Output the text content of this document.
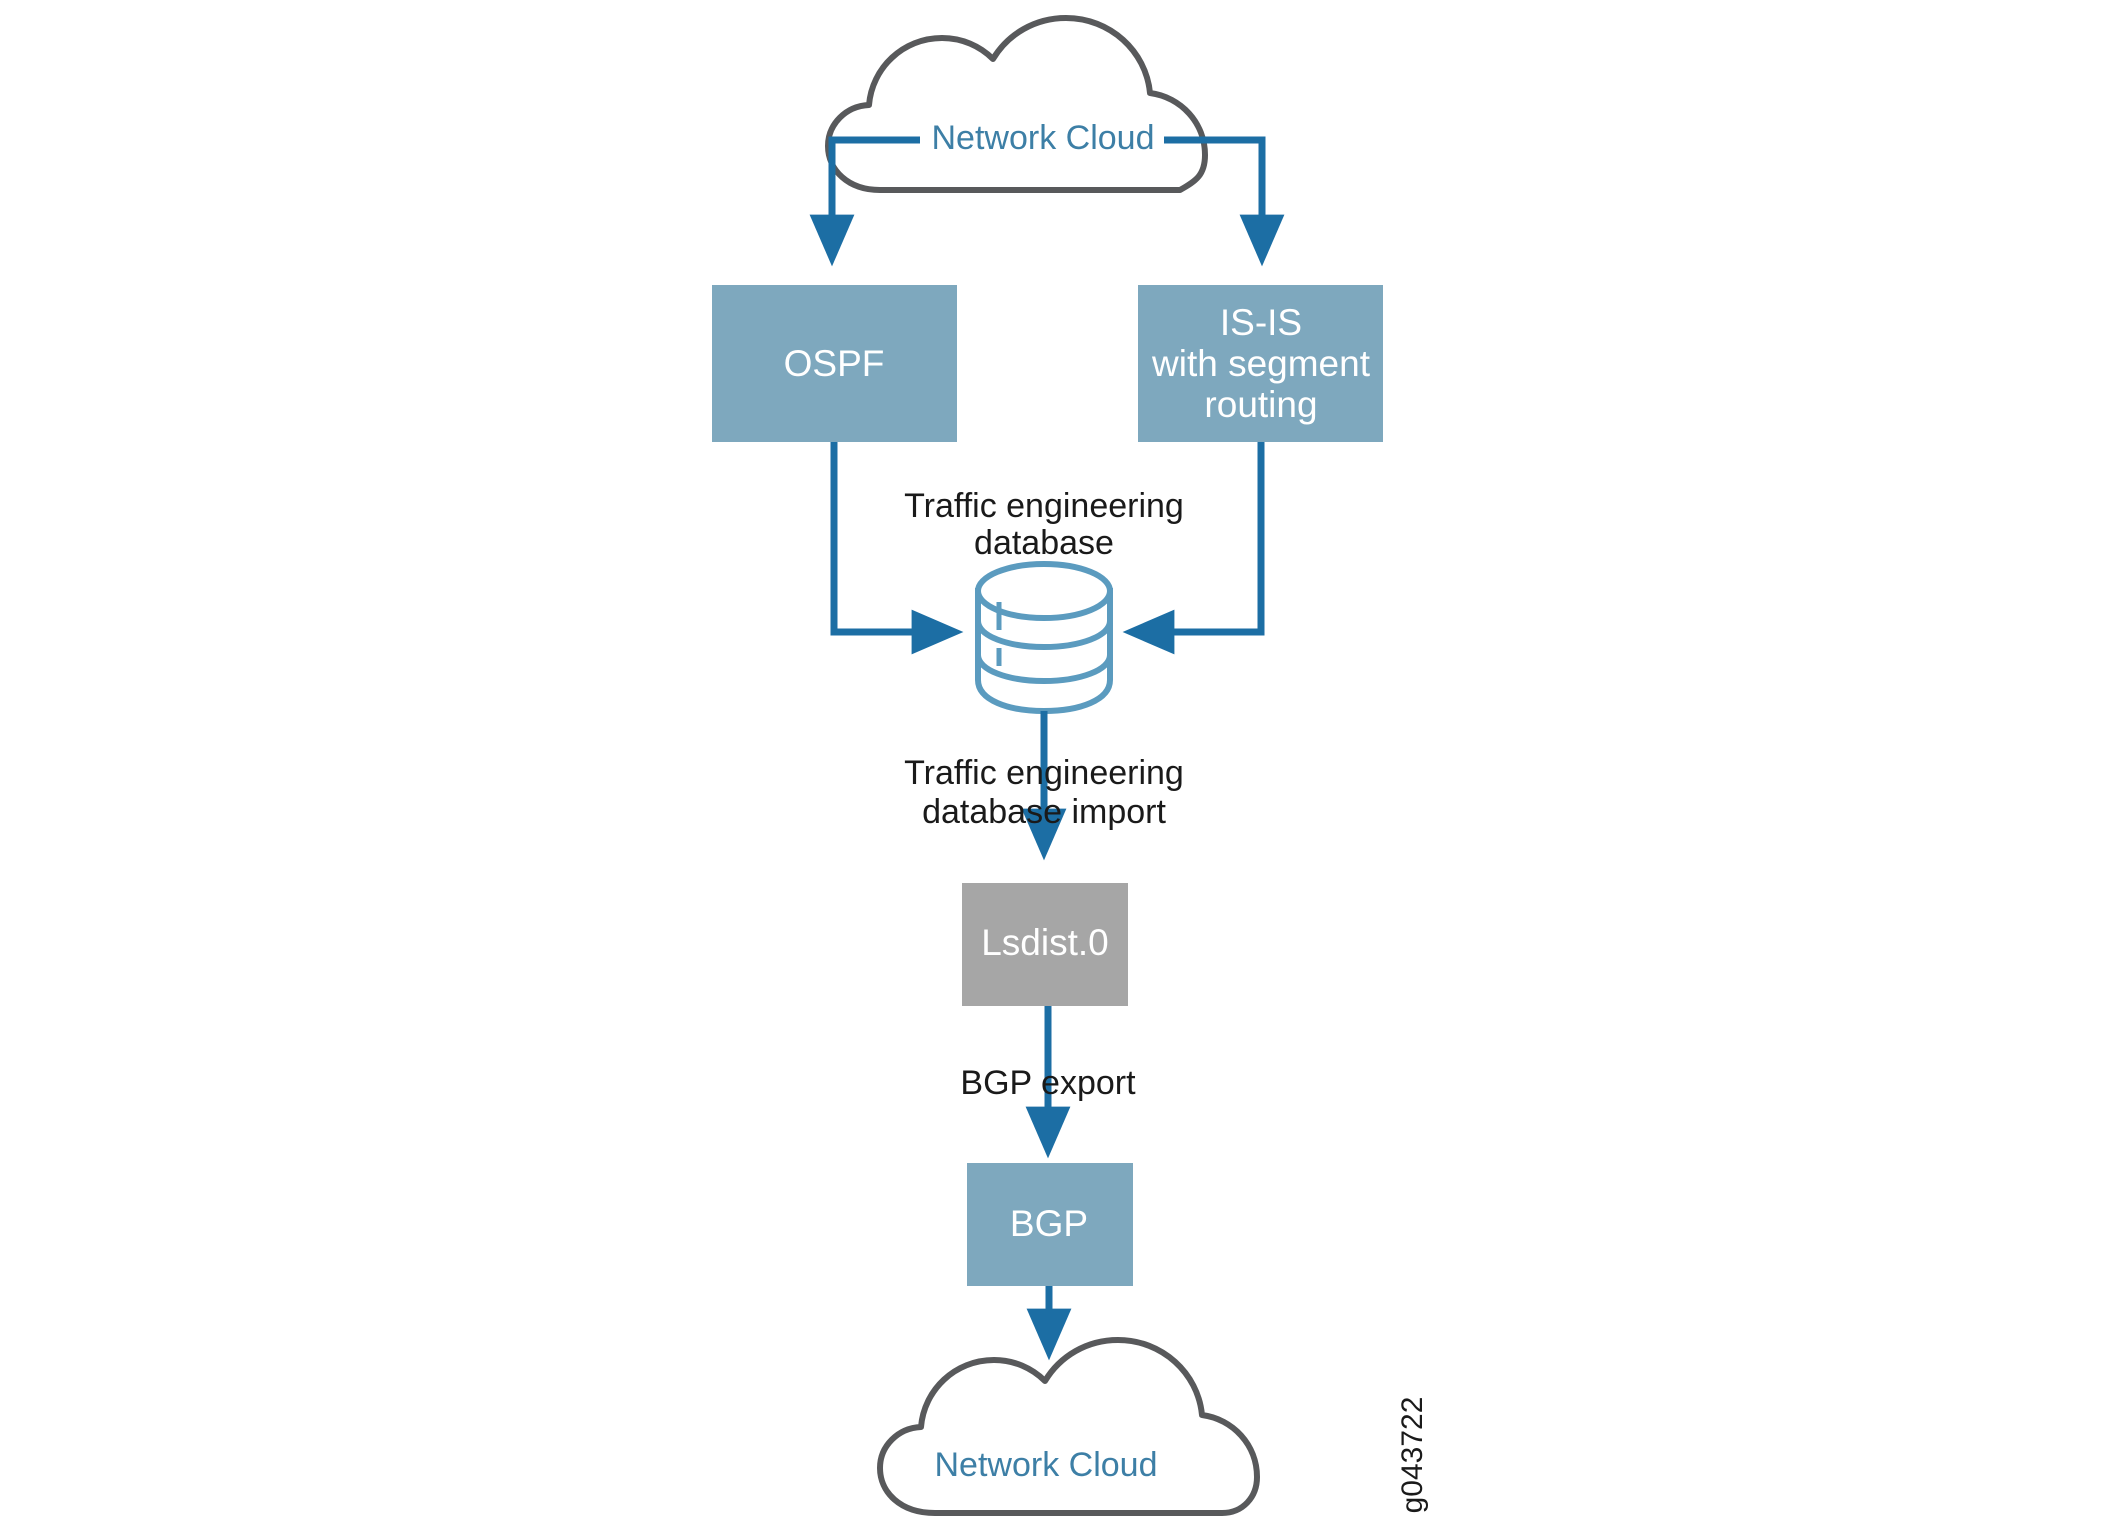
Network Cloud
OSPF
IS-IS
with segment
routing
Traffic engineering
database
Traffic engineering
database import
Lsdist.0
BGP export
BGP
Network Cloud	g043722
